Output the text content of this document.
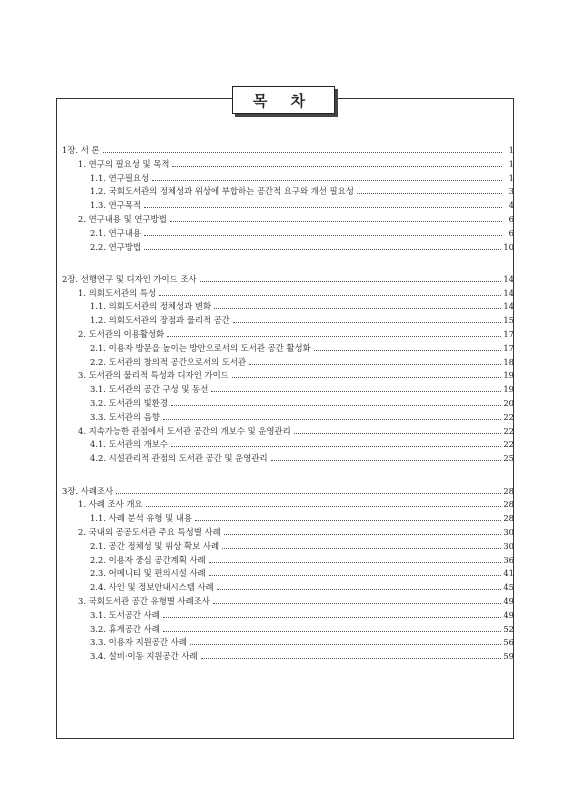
목 차
1장. 서 론	1
1. 연구의 필요성 및 목적	1
1.1. 연구필요성	1
1.2. 국회도서관의 정체성과 위상에 부합하는 공간적 요구와 개선 필요성	3
1.3. 연구목적	4
2. 연구내용 및 연구방법	6
2.1. 연구내용	6
2.2. 연구방법	10
2장. 선행연구 및 디자인 가이드 조사	14
1. 의회도서관의 특성	14
1.1. 의회도서관의 정체성과 변화	14
1.2. 의회도서관의 장점과 물리적 공간	15
2. 도서관의 이용활성화	17
2.1. 이용자 방문을 높이는 방안으로서의 도서관 공간 활성화	17
2.2. 도서관의 창의적 공간으로서의 도서관	18
3. 도서관의 물리적 특성과 디자인 가이드	19
3.1. 도서관의 공간 구성 및 동선	19
3.2. 도서관의 빛환경	20
3.3. 도서관의 음향	22
4. 지속가능한 관점에서 도서관 공간의 개보수 및 운영관리	22
4.1. 도서관의 개보수	22
4.2. 시설관리적 관점의 도서관 공간 및 운영관리	25
3장. 사례조사	28
1. 사례 조사 개요	28
1.1. 사례 분석 유형 및 내용	28
2. 국내외 공공도서관 주요 특성별 사례	30
2.1. 공간 정체성 및 위상 확보 사례	30
2.2. 이용자 중심 공간계획 사례	36
2.3. 어메니티 및 편의시설 사례	41
2.4. 사인 및 정보안내시스템 사례	45
3. 국회도서관 공간 유형별 사례조사	49
3.1. 도서공간 사례	49
3.2. 휴게공간 사례	52
3.3. 이용자 지원공간 사례	56
3.4. 설비·이동 지원공간 사례	59
